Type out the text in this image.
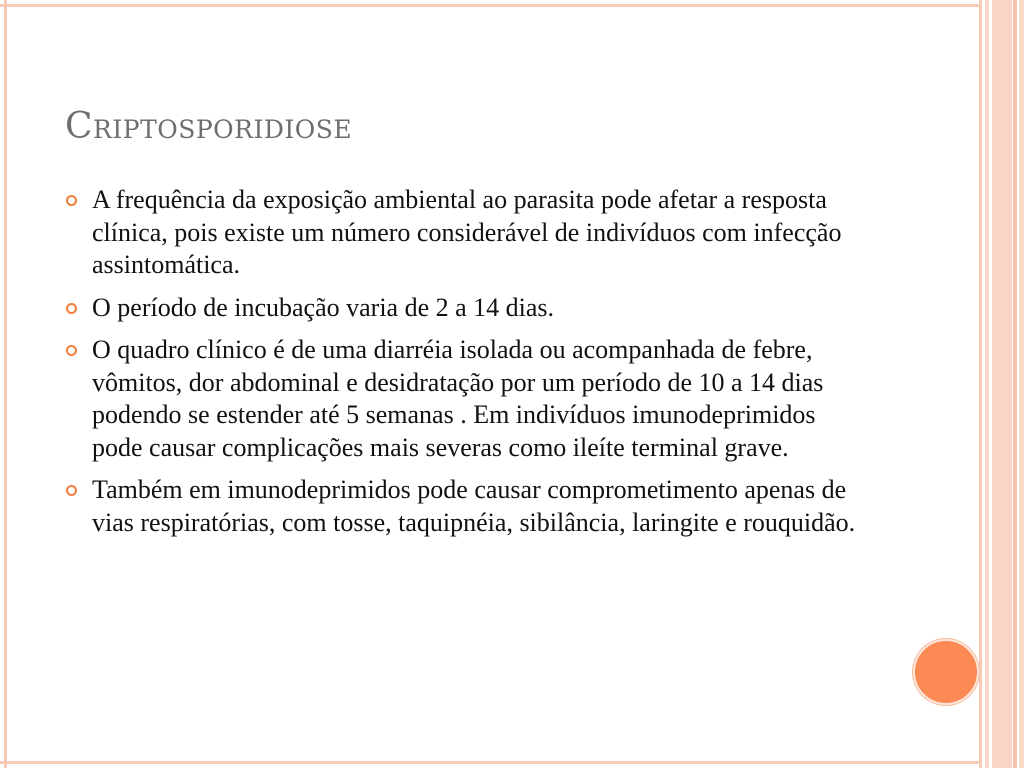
Criptosporidiose
A frequência da exposição ambiental ao parasita pode afetar a resposta clínica, pois existe um número considerável de indivíduos com infecção assintomática.
O período de incubação varia de 2 a 14 dias.
O quadro clínico é de uma diarréia isolada ou acompanhada de febre, vômitos, dor abdominal e desidratação por um período de 10 a 14 dias podendo se estender até 5 semanas . Em indivíduos imunodeprimidos pode causar complicações mais severas como ileíte terminal grave.
Também em imunodeprimidos pode causar comprometimento apenas de vias respiratórias, com tosse, taquipnéia, sibilância, laringite e rouquidão.
